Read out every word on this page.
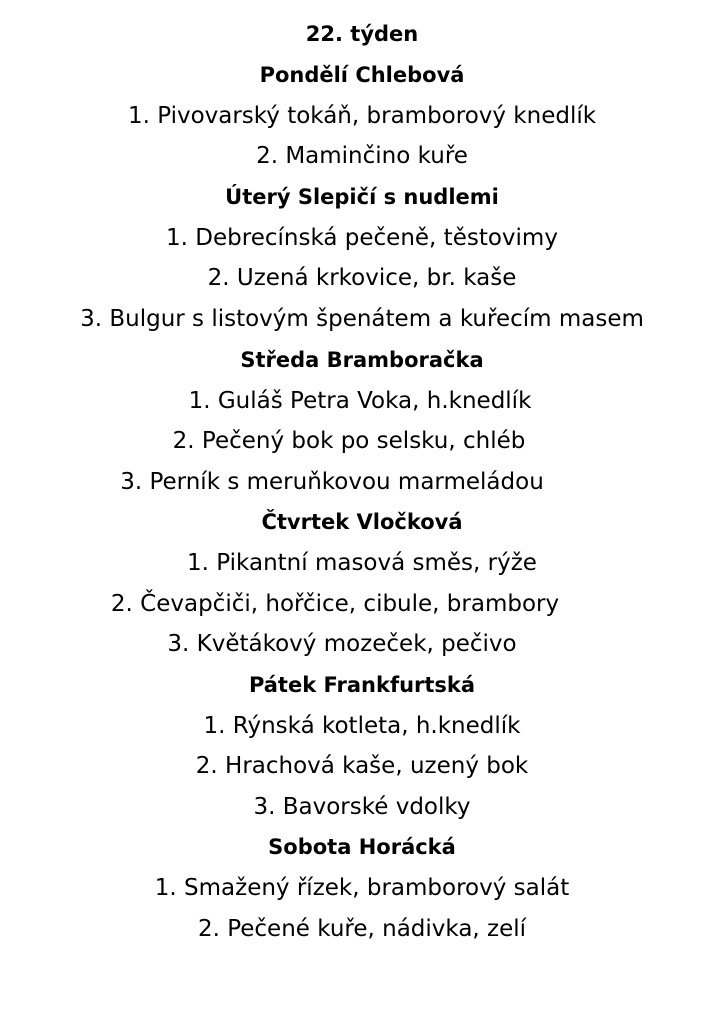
22. týden
Pondělí Chlebová
1. Pivovarský tokáň, bramborový knedlík
2. Maminčino kuře
Úterý Slepičí s nudlemi
1. Debrecínská pečeně, těstovimy
2. Uzená krkovice, br. kaše
3. Bulgur s listovým špenátem a kuřecím masem
Středa Bramboračka
1. Guláš Petra Voka, h.knedlík
2. Pečený bok po selsku, chléb
3. Perník s meruňkovou marmeládou
Čtvrtek Vločková
1. Pikantní masová směs, rýže
2. Čevapčiči, hořčice, cibule, brambory
3. Květákový mozeček, pečivo
Pátek Frankfurtská
1. Rýnská kotleta, h.knedlík
2. Hrachová kaše, uzený bok
3. Bavorské vdolky
Sobota Horácká
1. Smažený řízek, bramborový salát
2. Pečené kuře, nádivka, zelí
